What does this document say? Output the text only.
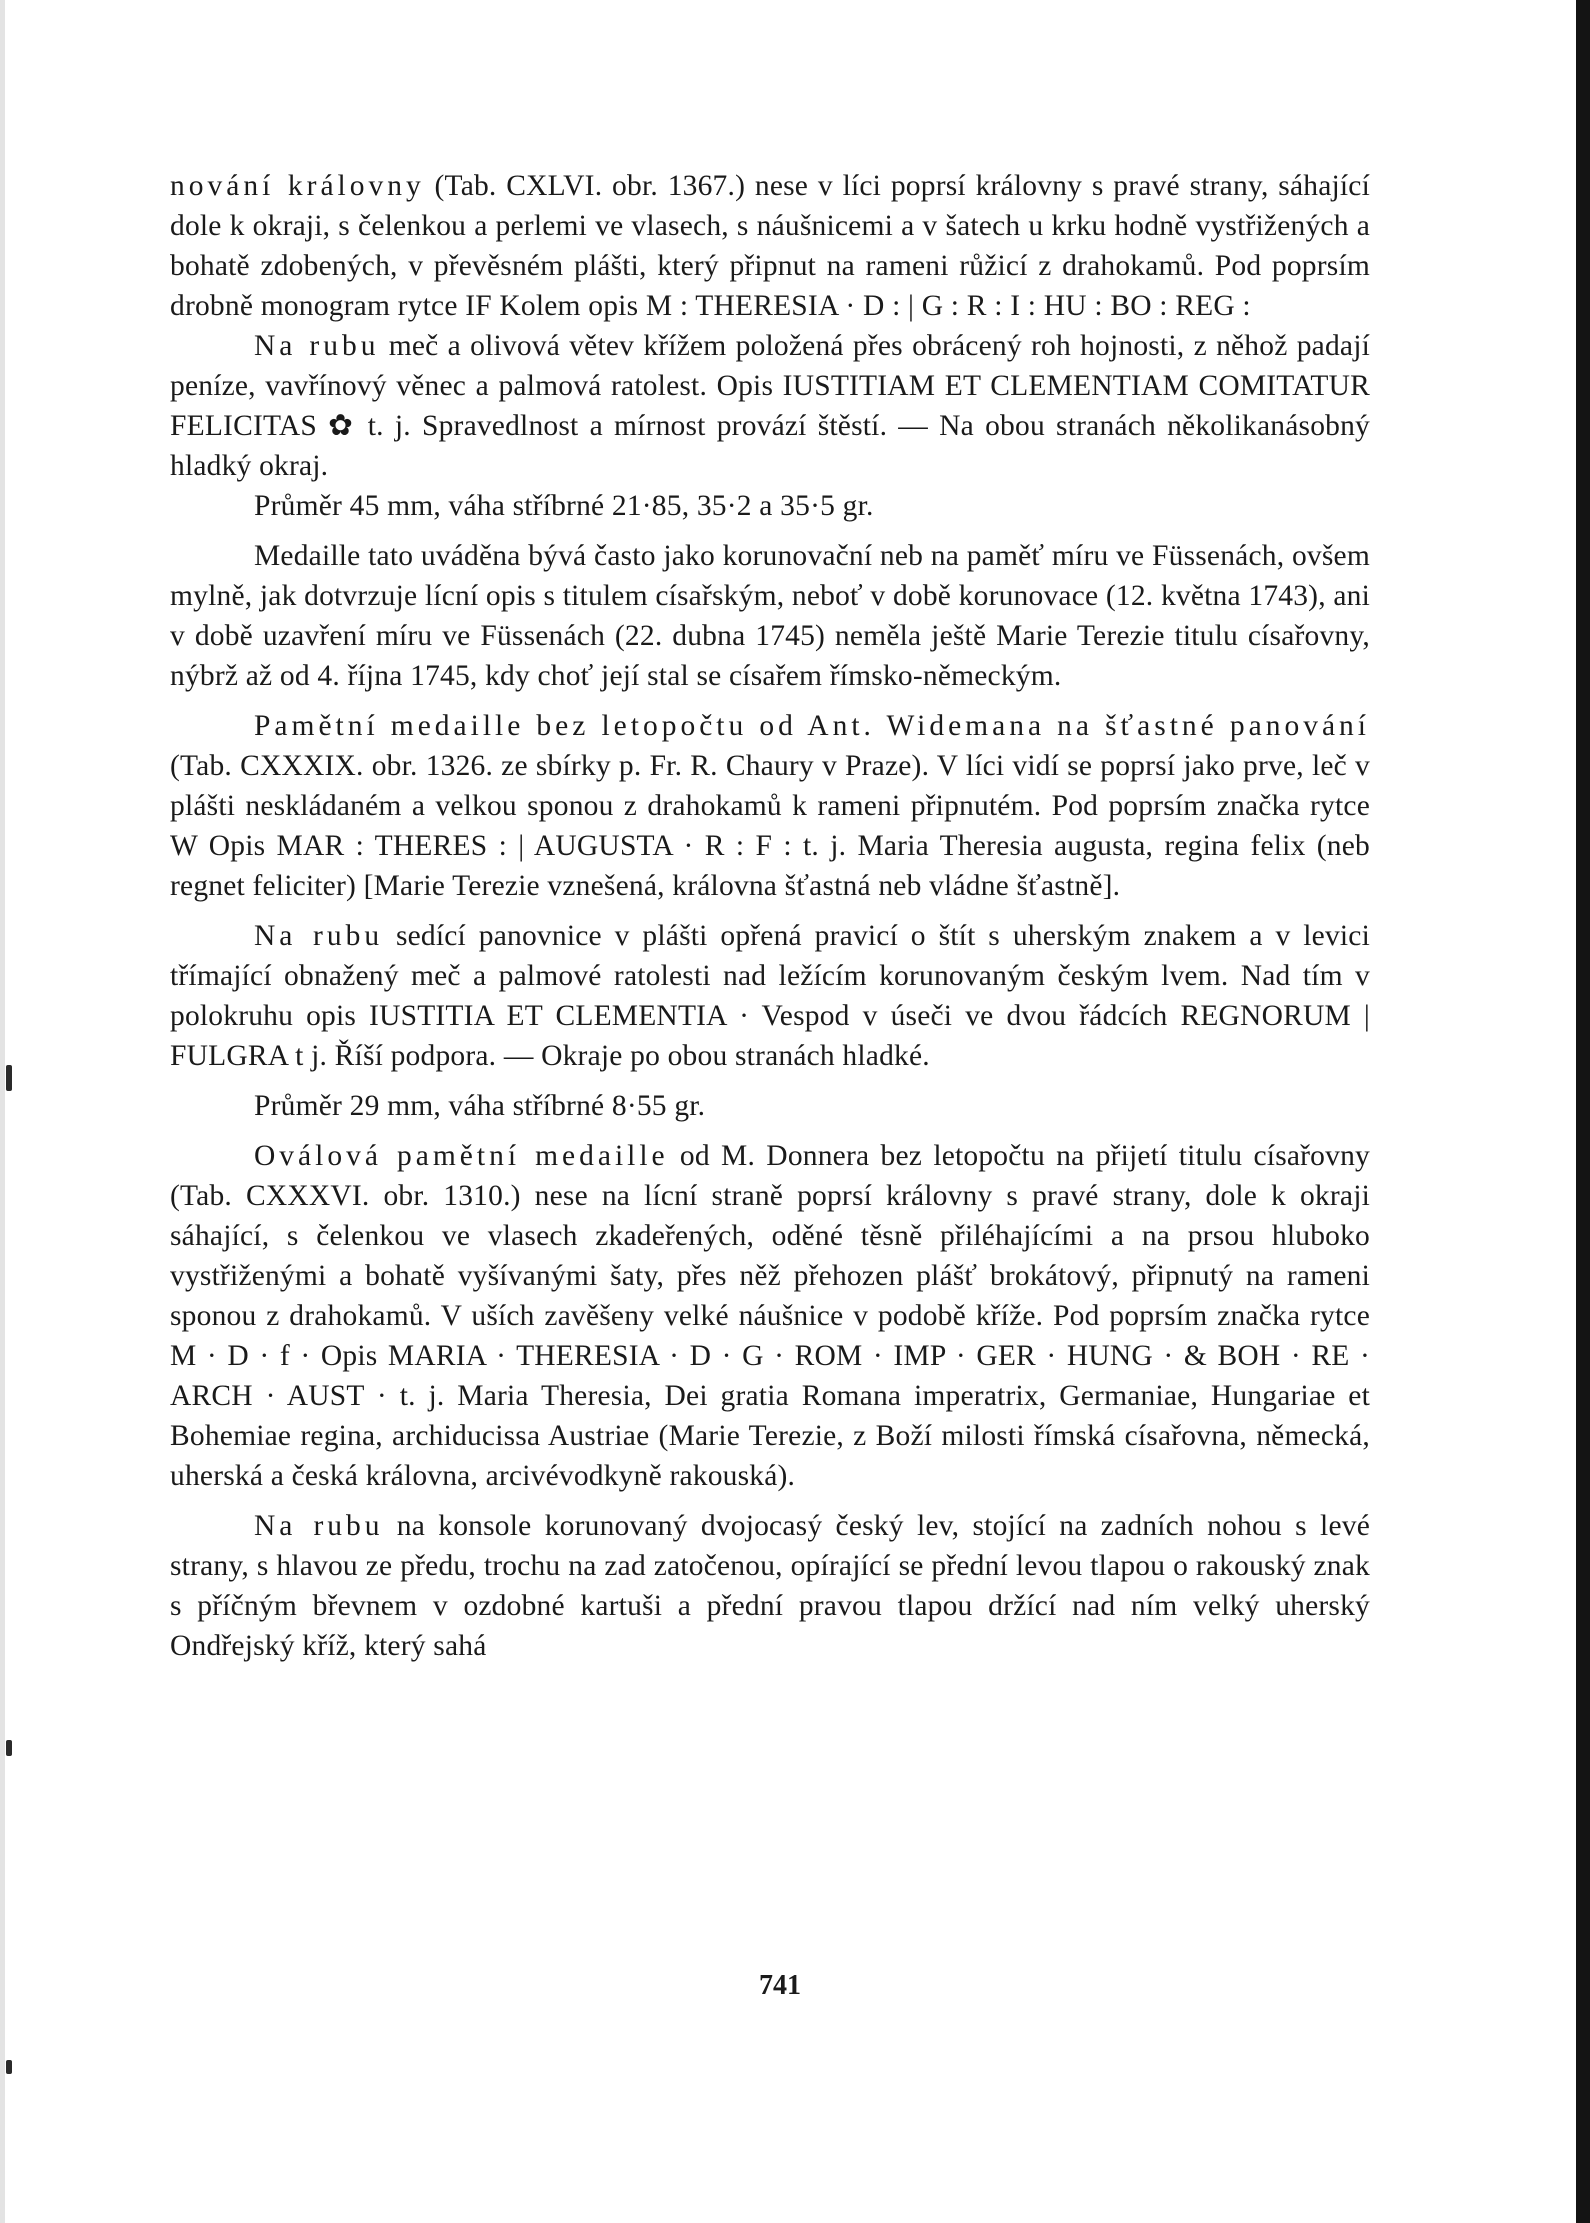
nování královny (Tab. CXLVI. obr. 1367.) nese v líci poprsí královny s pravé strany, sáhající dole k okraji, s čelenkou a perlemi ve vlasech, s náušnicemi a v šatech u krku hodně vystřižených a bohatě zdobených, v převěsném plášti, který připnut na rameni růžicí z drahokamů. Pod poprsím drobně monogram rytce IF Kolem opis M : THERESIA · D : | G : R : I : HU : BO : REG :

Na rubu meč a olivová větev křížem položená přes obrácený roh hojnosti, z něhož padají peníze, vavřínový věnec a palmová ratolest. Opis IUSTITIAM ET CLEMENTIAM COMITATUR FELICITAS ✿ t. j. Spravedlnost a mírnost provází štěstí. — Na obou stranách několikanásobný hladký okraj.

Průměr 45 mm, váha stříbrné 21·85, 35·2 a 35·5 gr.

Medaille tato uváděna bývá často jako korunovační neb na paměť míru ve Füssenách, ovšem mylně, jak dotvrzuje lícní opis s titulem císařským, neboť v době korunovace (12. května 1743), ani v době uzavření míru ve Füssenách (22. dubna 1745) neměla ještě Marie Terezie titulu císařovny, nýbrž až od 4. října 1745, kdy choť její stal se císařem římsko-německým.

Pamětní medaille bez letopočtu od Ant. Widemana na šťastné panování (Tab. CXXXIX. obr. 1326. ze sbírky p. Fr. R. Chaury v Praze). V líci vidí se poprsí jako prve, leč v plášti neskládaném a velkou sponou z drahokamů k rameni připnutém. Pod poprsím značka rytce W Opis MAR : THERES : | AUGUSTA · R : F : t. j. Maria Theresia augusta, regina felix (neb regnet feliciter) [Marie Terezie vznešená, královna šťastná neb vládne šťastně].

Na rubu sedící panovnice v plášti opřená pravicí o štít s uherským znakem a v levici třímající obnažený meč a palmové ratolesti nad ležícím korunovaným českým lvem. Nad tím v polokruhu opis IUSTITIA ET CLEMENTIA · Vespod v úseči ve dvou řádcích REGNORUM | FULGRA t j. Říší podpora. — Okraje po obou stranách hladké.

Průměr 29 mm, váha stříbrné 8·55 gr.

Oválová pamětní medaille od M. Donnera bez letopočtu na přijetí titulu císařovny (Tab. CXXXVI. obr. 1310.) nese na lícní straně poprsí královny s pravé strany, dole k okraji sáhající, s čelenkou ve vlasech zkadeřených, oděné těsně přiléhajícími a na prsou hluboko vystřiženými a bohatě vyšívanými šaty, přes něž přehozen plášť brokátový, připnutý na rameni sponou z drahokamů. V uších zavěšeny velké náušnice v podobě kříže. Pod poprsím značka rytce M · D · f · Opis MARIA · THERESIA · D · G · ROM · IMP · GER · HUNG · & BOH · RE · ARCH · AUST · t. j. Maria Theresia, Dei gratia Romana imperatrix, Germaniae, Hungariae et Bohemiae regina, archiducissa Austriae (Marie Terezie, z Boží milosti římská císařovna, německá, uherská a česká královna, arcivévodkyně rakouská).

Na rubu na konsole korunovaný dvojocasý český lev, stojící na zadních nohou s levé strany, s hlavou ze předu, trochu na zad zatočenou, opírající se přední levou tlapou o rakouský znak s příčným břevnem v ozdobné kartuši a přední pravou tlapou držící nad ním velký uherský Ondřejský kříž, který sahá

741
